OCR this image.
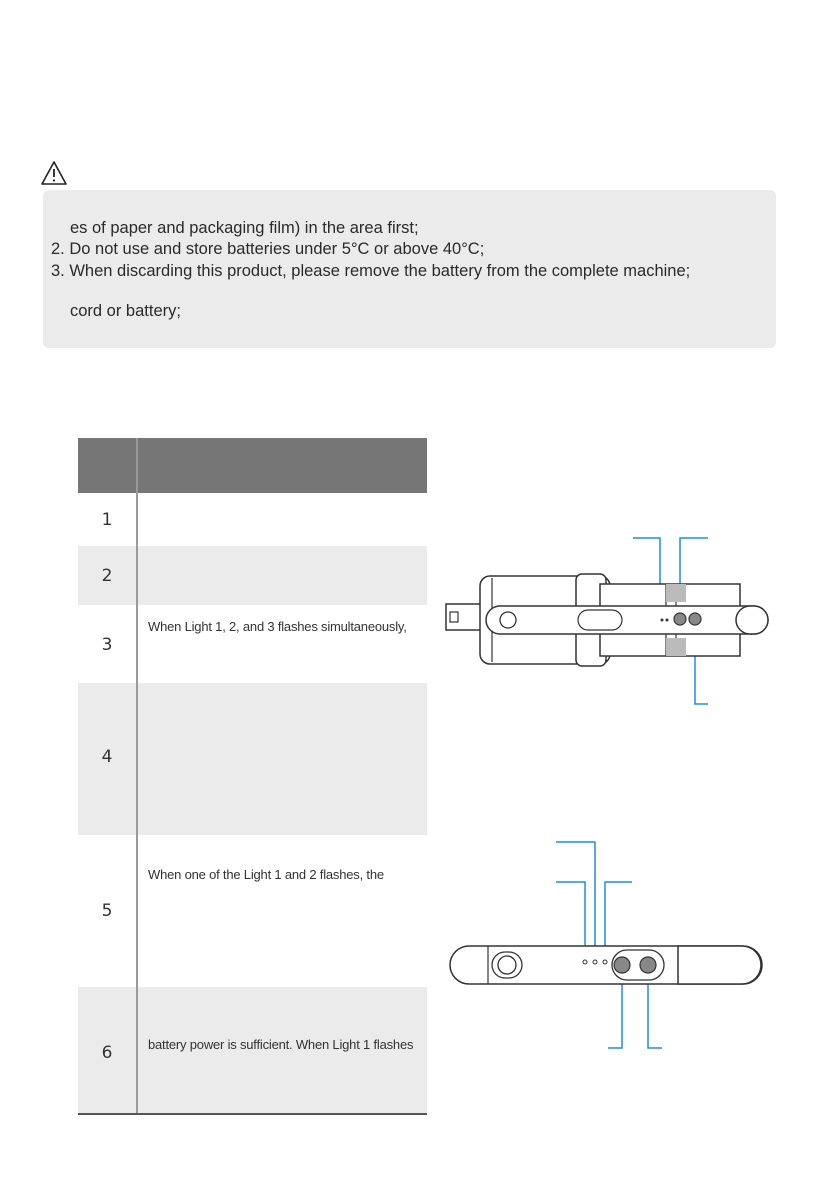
es of paper and packaging film) in the area first;
2. Do not use and store batteries under 5°C or above 40°C;
3. When discarding this product, please remove the battery from the complete machine;
cord or battery;
1
2
3
When Light 1, 2, and 3 flashes simultaneously,
4
5
When one of the Light 1 and 2 flashes, the
6	battery power is sufficient. When Light 1 flashes
